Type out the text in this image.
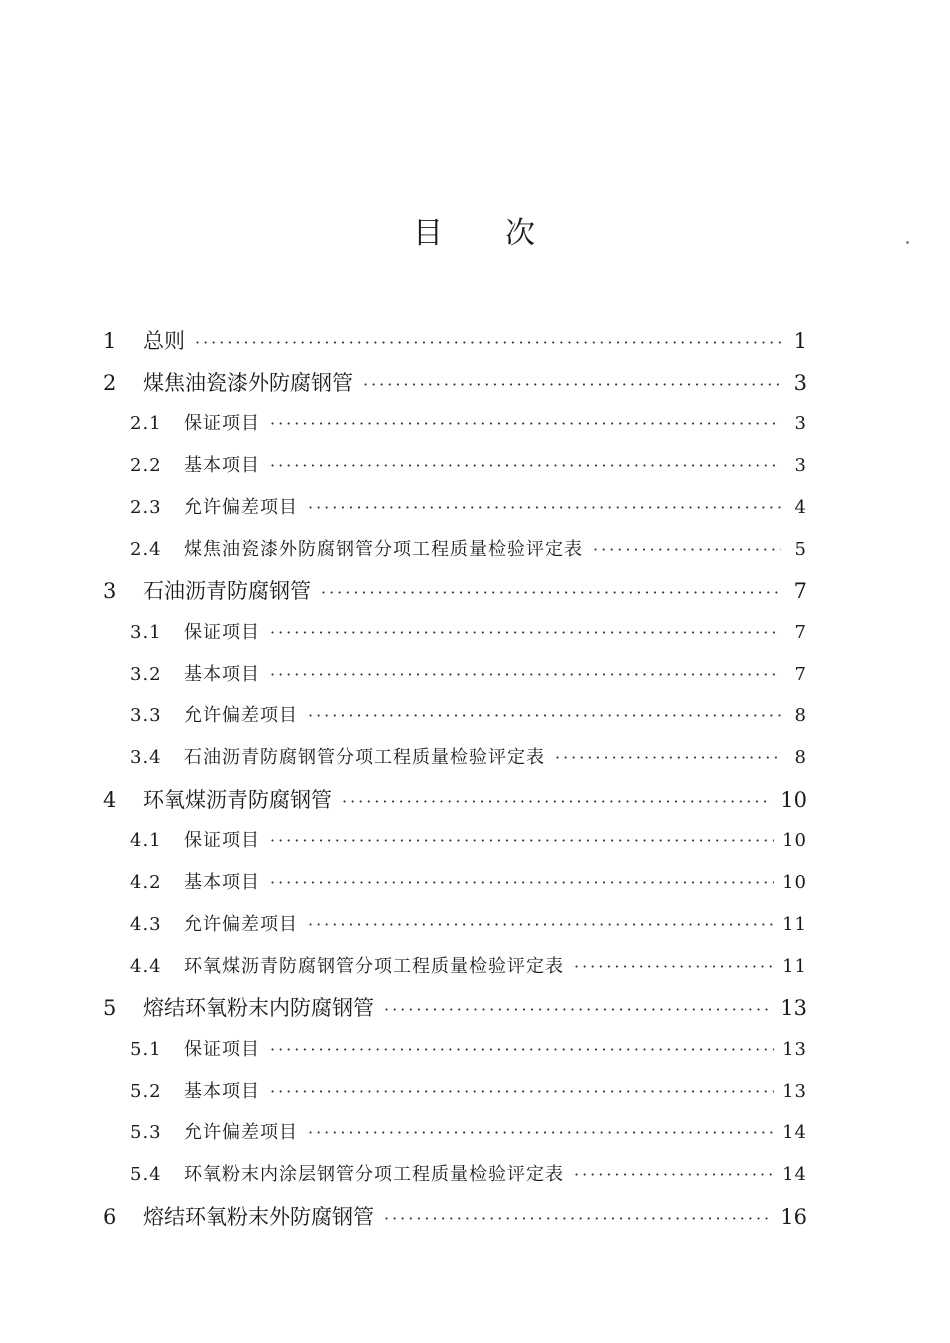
目 次
1	总则 ·····	1
2	煤焦油瓷漆外防腐钢管 ·····	3
2.1	保证项目 ·····	3
2.2	基本项目 ·····	3
2.3	允许偏差项目 ·····	4
2.4	煤焦油瓷漆外防腐钢管分项工程质量检验评定表 ·····	5
3	石油沥青防腐钢管 ·····	7
3.1	保证项目 ·····	7
3.2	基本项目 ·····	7
3.3	允许偏差项目 ·····	8
3.4	石油沥青防腐钢管分项工程质量检验评定表 ·····	8
4	环氧煤沥青防腐钢管 ·····	10
4.1	保证项目 ·····	10
4.2	基本项目 ·····	10
4.3	允许偏差项目 ·····	11
4.4	环氧煤沥青防腐钢管分项工程质量检验评定表 ·····	11
5	熔结环氧粉末内防腐钢管 ·····	13
5.1	保证项目 ·····	13
5.2	基本项目 ·····	13
5.3	允许偏差项目 ·····	14
5.4	环氧粉末内涂层钢管分项工程质量检验评定表 ·····	14
6	熔结环氧粉末外防腐钢管 ·····	16
